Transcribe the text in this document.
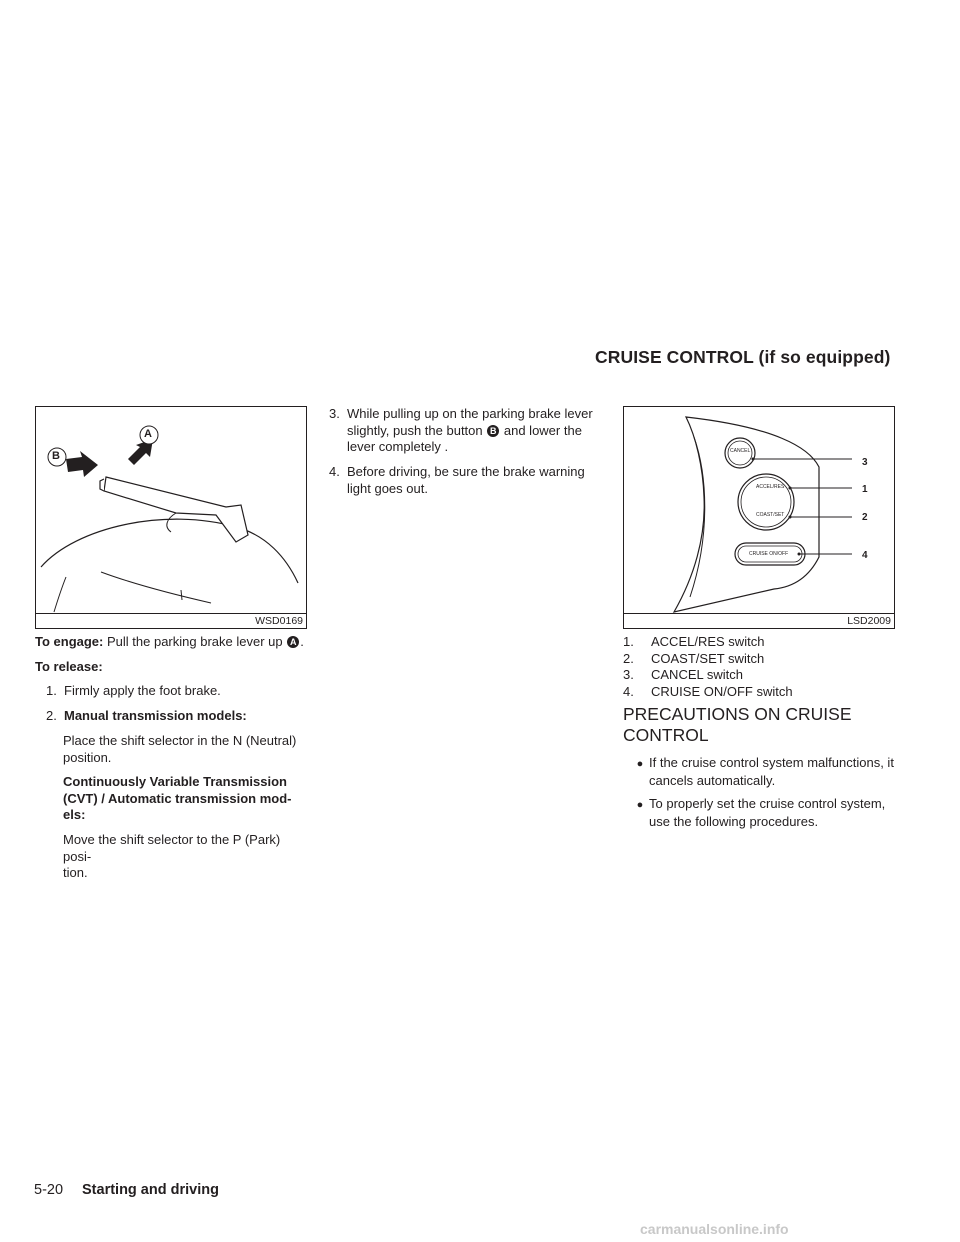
CRUISE CONTROL (if so equipped)
B
A
WSD0169
CANCEL
ACCEL/RES
COAST/SET
CRUISE ON/OFF
3
1
2
4
LSD2009
To engage: Pull the parking brake lever up A .
To release:
1. Firmly apply the foot brake.
2. Manual transmission models:
Place the shift selector in the N (Neutral)
position.
Continuously Variable Transmission
(CVT) / Automatic transmission mod-
els:
Move the shift selector to the P (Park) posi-
tion.
3. While pulling up on the parking brake lever
slightly, push the button B and lower the
lever completely .
4. Before driving, be sure the brake warning
light goes out.
1. ACCEL/RES switch
2. COAST/SET switch
3. CANCEL switch
4. CRUISE ON/OFF switch
PRECAUTIONS ON CRUISE
CONTROL
● If the cruise control system malfunctions, it
cancels automatically.
● To properly set the cruise control system,
use the following procedures.
5-20 Starting and driving
carmanualsonline.info
